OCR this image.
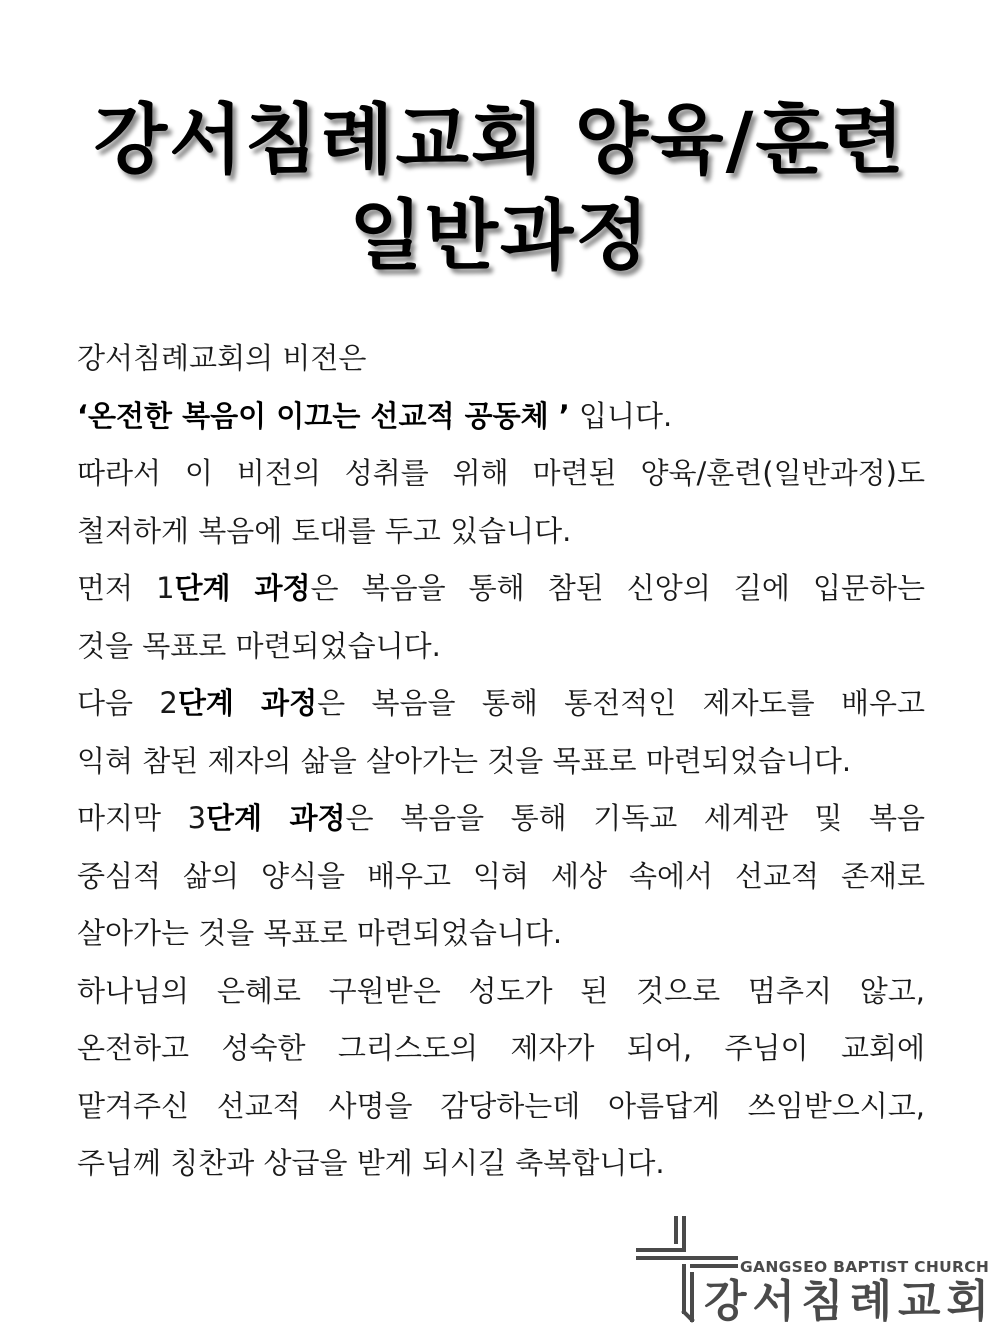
강서침례교회 양육/훈련
일반과정
강서침례교회의 비전은
‘온전한 복음이 이끄는 선교적 공동체 ’ 입니다.
따라서 이 비전의 성취를 위해 마련된 양육/훈련(일반과정)도
철저하게 복음에 토대를 두고 있습니다.
먼저 1단계 과정은 복음을 통해 참된 신앙의 길에 입문하는
것을 목표로 마련되었습니다.
다음 2단계 과정은 복음을 통해 통전적인 제자도를 배우고
익혀 참된 제자의 삶을 살아가는 것을 목표로 마련되었습니다.
마지막 3단계 과정은 복음을 통해 기독교 세계관 및 복음
중심적 삶의 양식을 배우고 익혀 세상 속에서 선교적 존재로
살아가는 것을 목표로 마련되었습니다.
하나님의 은혜로 구원받은 성도가 된 것으로 멈추지 않고,
온전하고 성숙한 그리스도의 제자가 되어, 주님이 교회에
맡겨주신 선교적 사명을 감당하는데 아름답게 쓰임받으시고,
주님께 칭찬과 상급을 받게 되시길 축복합니다.
GANGSEO BAPTIST CHURCH
강서침례교회
